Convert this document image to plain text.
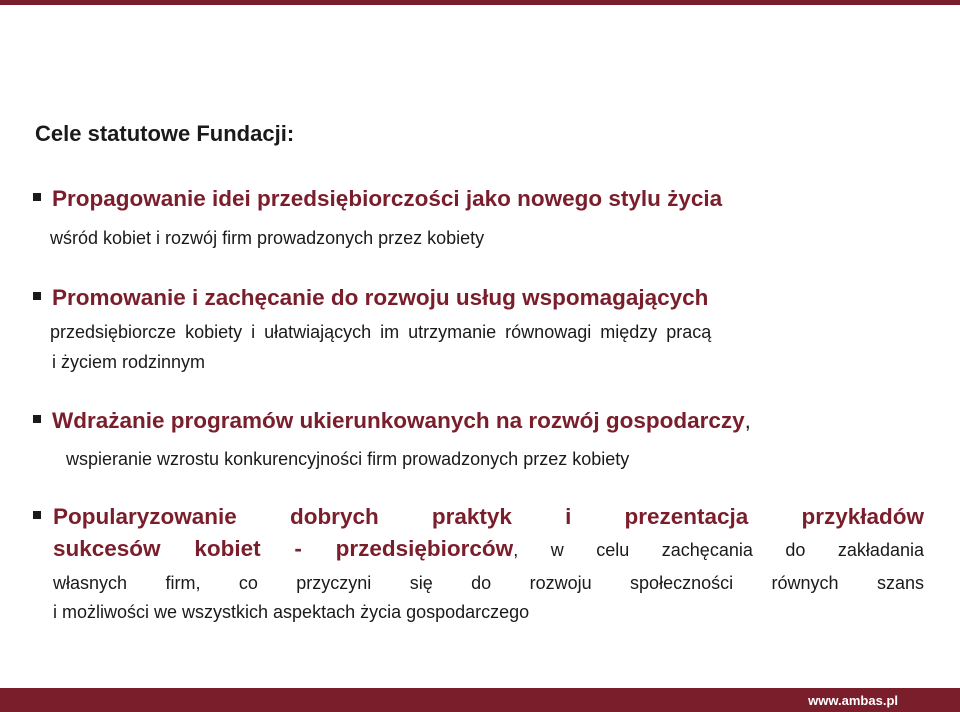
Cele statutowe Fundacji:
Propagowanie idei przedsiębiorczości jako nowego stylu życia
wśród kobiet i rozwój firm prowadzonych przez kobiety
Promowanie i zachęcanie do rozwoju usług wspomagających
przedsiębiorcze kobiety i ułatwiających im utrzymanie równowagi między pracą
i życiem rodzinnym
Wdrażanie programów ukierunkowanych na rozwój gospodarczy,
wspieranie wzrostu konkurencyjności firm prowadzonych przez kobiety
Popularyzowanie dobrych praktyk i prezentacja przykładów
sukcesów kobiet - przedsiębiorców, w celu zachęcania do zakładania
własnych firm, co przyczyni się do rozwoju społeczności równych szans
i możliwości we wszystkich aspektach życia gospodarczego
www.ambas.pl
